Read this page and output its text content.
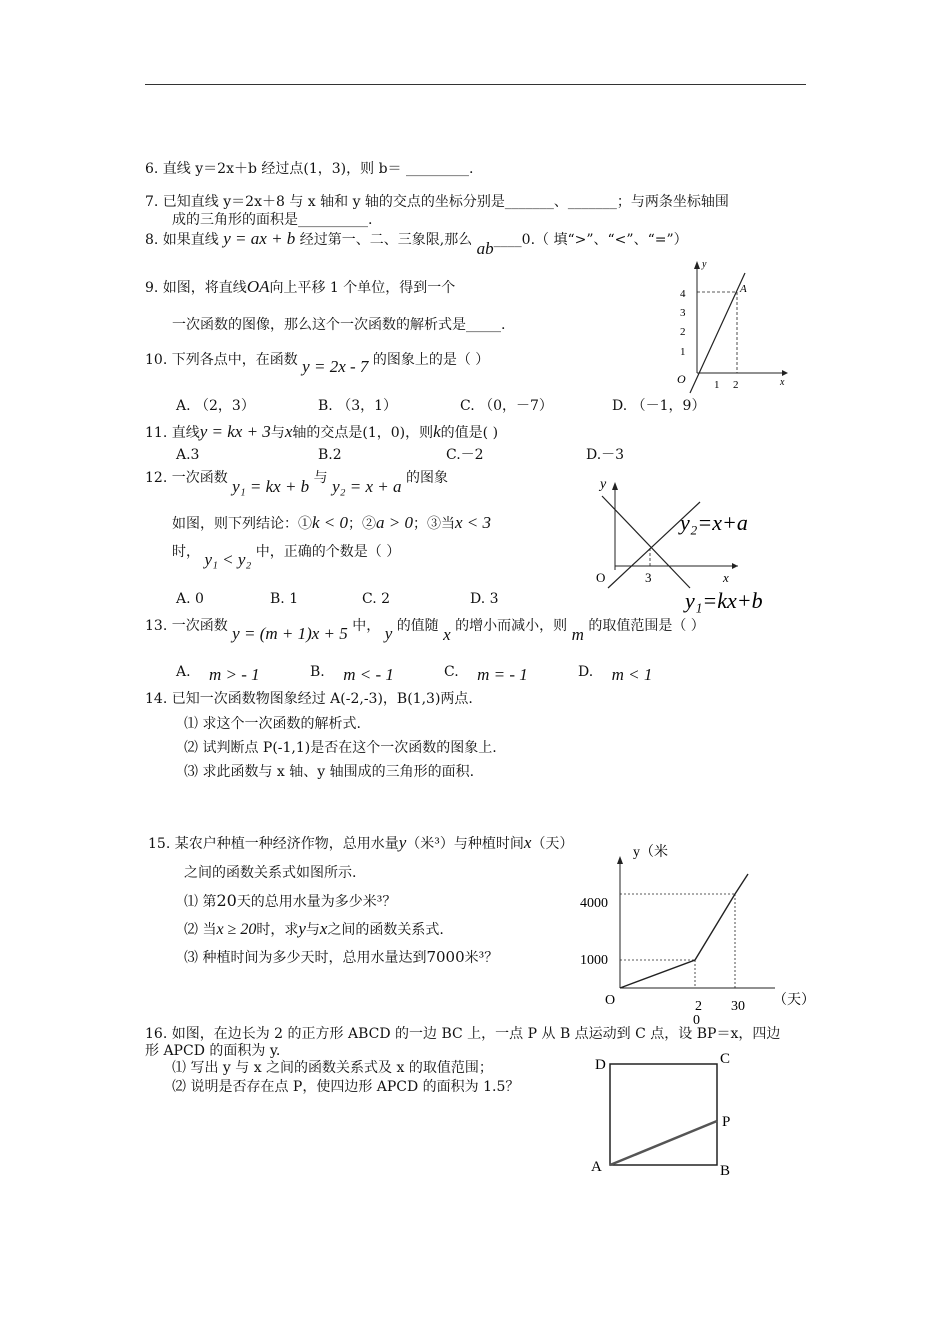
6. 直线 y＝2x＋b 经过点(1，3)，则 b＝ _________.
7. 已知直线 y＝2x＋8 与 x 轴和 y 轴的交点的坐标分别是_______、_______；与两条坐标轴围
成的三角形的面积是__________.
8. 如果直线 y = ax + b 经过第一、二、三象限,那么 ab____0.（ 填“>”、“<”、“=”）
9. 如图，将直线OA向上平移 1 个单位，得到一个
一次函数的图像，那么这个一次函数的解析式是_____.
y
x
O
A
4
3
2
1
1 2
10. 下列各点中，在函数 y = 2x - 7 的图象上的是（ ）
A. （2，3）	B. （3，1）	C. （0，－7）	D. （－1，9）
11. 直线y = kx + 3与x轴的交点是(1，0)，则k的值是( )
A.3	B.2	C.－2	D.－3
12. 一次函数 y₁ = kx + b 与 y₂ = x + a 的图象
如图，则下列结论：①k < 0；②a > 0；③当x < 3
时， y₁ < y₂ 中，正确的个数是（ ）
A. 0	B. 1	C. 2	D. 3
y
x
O	3
y₂=x+a
y₁=kx+b
13. 一次函数 y = (m + 1)x + 5 中， y 的值随 x 的增小而减小，则 m 的取值范围是（ ）
A. m > - 1	B. m < - 1	C. m = - 1	D. m < 1
14. 已知一次函数物图象经过 A(-2,-3)，B(1,3)两点.
⑴ 求这个一次函数的解析式.
⑵ 试判断点 P(-1,1)是否在这个一次函数的图象上.
⑶ 求此函数与 x 轴、y 轴围成的三角形的面积.
15. 某农户种植一种经济作物，总用水量y（米³）与种植时间x（天）
之间的函数关系式如图所示.
⑴ 第20天的总用水量为多少米³？
⑵ 当x ≥ 20时，求y与x之间的函数关系式.
⑶ 种植时间为多少天时，总用水量达到7000米³？
y（米
（天）
O
4000
1000
2
0
30
16. 如图，在边长为 2 的正方形 ABCD 的一边 BC 上，一点 P 从 B 点运动到 C 点，设 BP＝x，四边
形 APCD 的面积为 y.
⑴ 写出 y 与 x 之间的函数关系式及 x 的取值范围；
⑵ 说明是否存在点 P，使四边形 APCD 的面积为 1.5？
D	C
A	B
P
